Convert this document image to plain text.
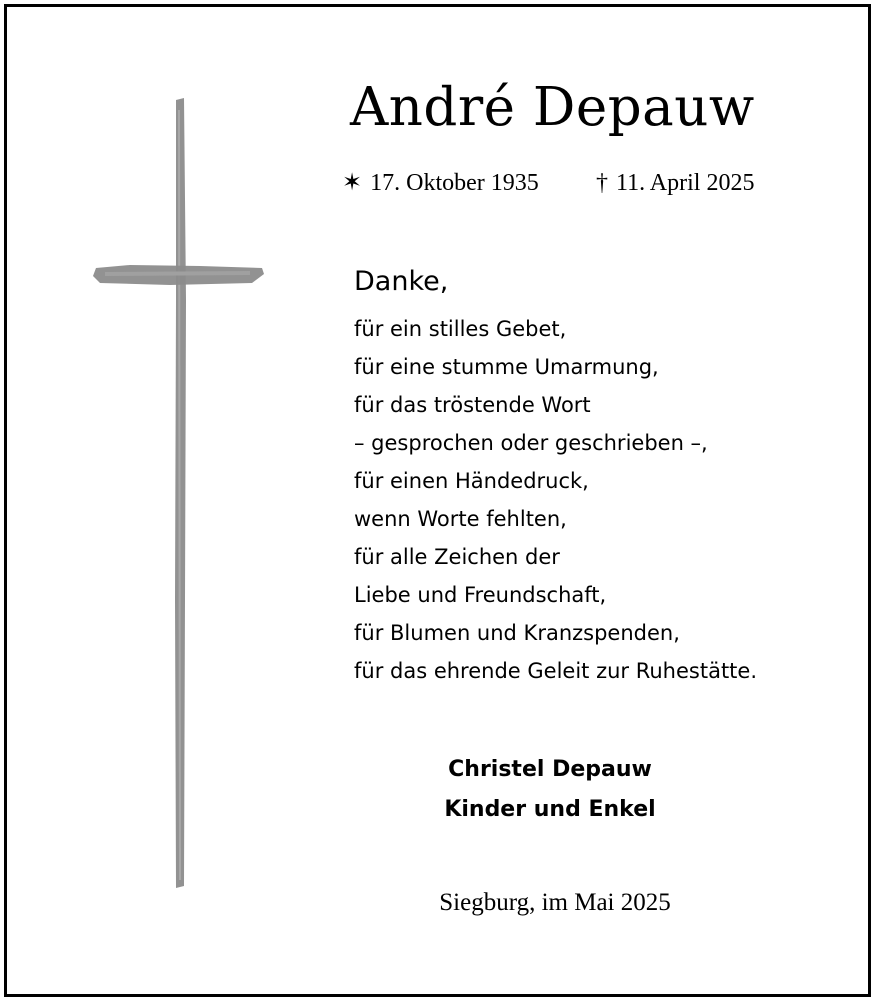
André Depauw
✶ 17. Oktober 1935 † 11. April 2025
Danke,
für ein stilles Gebet,
für eine stumme Umarmung,
für das tröstende Wort
– gesprochen oder geschrieben –,
für einen Händedruck,
wenn Worte fehlten,
für alle Zeichen der
Liebe und Freundschaft,
für Blumen und Kranzspenden,
für das ehrende Geleit zur Ruhestätte.
Christel Depauw
Kinder und Enkel
Siegburg, im Mai 2025
